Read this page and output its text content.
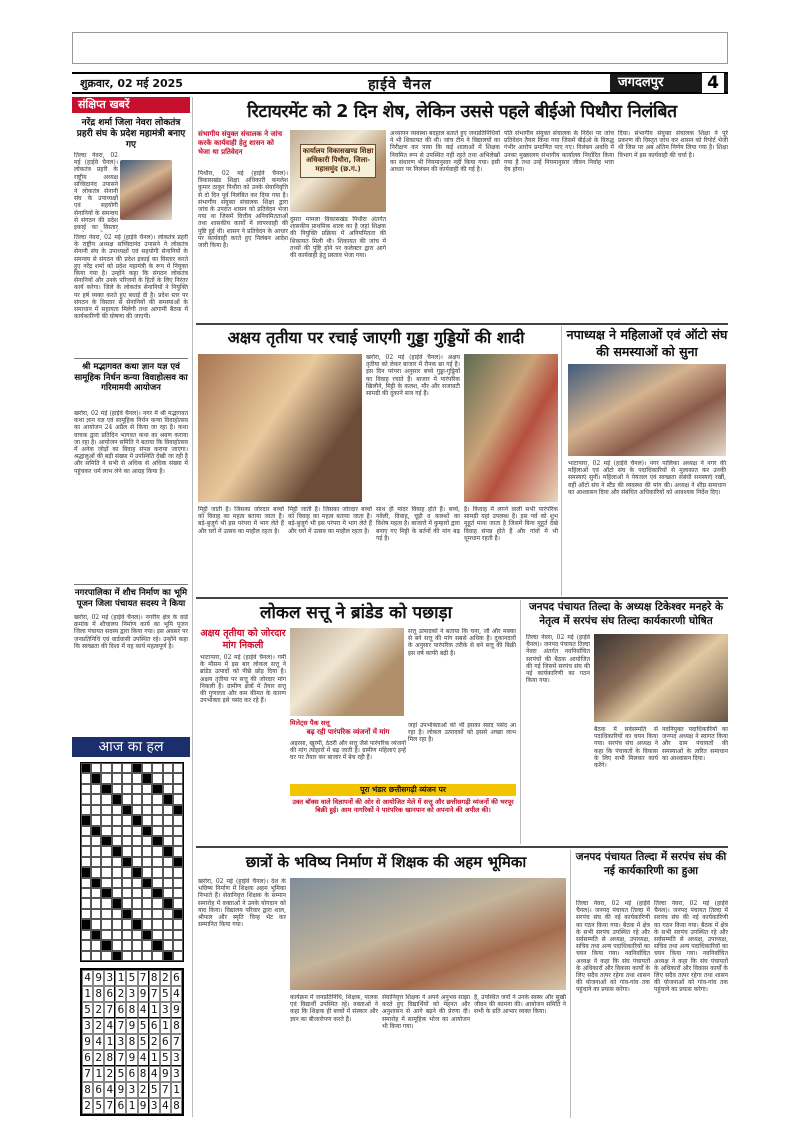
शुक्रवार, 02 मई 2025	हाईवे चैनल	जगदलपुर	4
संक्षिप्त खबरें
नरेंद्र शर्मा जिला नेवरा लोकतंत्र प्रहरी संघ के प्रदेश महामंत्री बनाए गए
तिल्दा नेवरा, 02 मई (हाईवे चैनल)। लोकतंत्र प्रहरी के राष्ट्रीय अध्यक्ष सच्चिदानंद उपासने ने लोकतंत्र सेनानी संघ के उपाध्यक्षों एवं सहयोगी सेनानियों के समन्वय से संगठन की प्रदेश इकाई का विस्तार
तिल्दा नेवरा, 02 मई (हाईवे चैनल)। लोकतंत्र प्रहरी के राष्ट्रीय अध्यक्ष सच्चिदानंद उपासने ने लोकतंत्र सेनानी संघ के उपाध्यक्षों एवं सहयोगी सेनानियों के समन्वय से संगठन की प्रदेश इकाई का विस्तार करते हुए नरेंद्र शर्मा को प्रदेश महामंत्री के रूप में नियुक्त किया गया है। उन्होंने कहा कि संगठन लोकतंत्र सेनानियों और उनके परिजनों के हितों के लिए निरंतर कार्य करेगा। जिले के लोकतंत्र सेनानियों ने नियुक्ति पर हर्ष व्यक्त करते हुए बधाई दी है। प्रदेश स्तर पर संगठन के विस्तार से सेनानियों की समस्याओं के समाधान में सहायता मिलेगी तथा आगामी बैठक में कार्यकारिणी की घोषणा की जाएगी।
श्री मद्भागवत कथा ज्ञान यज्ञ एवं सामूहिक निर्धन कन्या विवाहोत्सव का गरिमामयी आयोजन
खरोरा, 02 मई (हाईवे चैनल)। नगर में श्री मद्भागवत कथा ज्ञान यज्ञ एवं सामूहिक निर्धन कन्या विवाहोत्सव का आयोजन 24 अप्रैल से किया जा रहा है। कथा वाचक द्वारा प्रतिदिन भागवत कथा का श्रवण कराया जा रहा है। आयोजन समिति ने बताया कि विवाहोत्सव में अनेक जोड़ों का विवाह संपन्न कराया जाएगा। श्रद्धालुओं की बड़ी संख्या में उपस्थिति देखी जा रही है और समिति ने सभी से अधिक से अधिक संख्या में पहुंचकर धर्म लाभ लेने का आग्रह किया है।
नगरपालिका में शौच निर्माण का भूमि पूजन जिला पंचायत सदस्य ने किया
खरोरा, 02 मई (हाईवे चैनल)। नगरीय क्षेत्र के वार्ड क्रमांक में शौचालय निर्माण कार्य का भूमि पूजन जिला पंचायत सदस्य द्वारा किया गया। इस अवसर पर जनप्रतिनिधि एवं वार्डवासी उपस्थित रहे। उन्होंने कहा कि स्वच्छता की दिशा में यह कार्य महत्वपूर्ण है।
आज का हल
4 9 3 1 5 7 8 2 6
1 8 6 2 3 9 7 5 4
5 2 7 6 8 4 1 3 9
3 2 4 7 9 5 6 1 8
9 4 1 3 8 5 2 6 7
6 2 8 7 9 4 1 5 3
7 1 2 5 6 8 4 9 3
8 6 4 9 3 2 5 7 1
2 5 7 6 1 9 3 4 8
रिटायरमेंट को 2 दिन शेष, लेकिन उससे पहले बीईओ पिथौरा निलंबित
संभागीय संयुक्त संचालक ने जांच करके कार्यवाही हेतु शासन को भेजा था प्रतिवेदन	कार्यालय विकासखण्ड शिक्षा अधिकारी पिथौरा, जिला-महासमुंद (छ.ग.)
पिथौरा, 02 मई (हाईवे चैनल)। विकासखंड शिक्षा अधिकारी कमलेश कुमार ठाकुर पिथौरा को उनके सेवानिवृत्ति से दो दिन पूर्व निलंबित कर दिया गया है। संभागीय संयुक्त संचालक शिक्षा द्वारा जांच के उपरांत शासन को प्रतिवेदन भेजा गया था जिसमें वित्तीय अनियमितताओं तथा शासकीय कार्यों में लापरवाही की पुष्टि हुई थी। शासन ने प्रतिवेदन के आधार पर कार्यवाही करते हुए निलंबन आदेश जारी किया है।
दुसरा मामला विकासखंड पिथौरा अंतर्गत शासकीय प्राथमिक शाला का है जहां शिक्षक की नियुक्ति प्रक्रिया में अनियमितता की शिकायत मिली थी। शिकायत की जांच में तथ्यों की पुष्टि होने पर कलेक्टर द्वारा आगे की कार्यवाही हेतु प्रस्ताव भेजा गया।
अध्यापन व्यवस्था बदहाल बताते हुए जनप्रतिनिधियों ने भी शिकायत की थी। जांच टीम ने विद्यालयों का निरीक्षण कर पाया कि कई शालाओं में शिक्षक नियमित रूप से उपस्थित नहीं रहते तथा अभिलेखों का संधारण भी नियमानुसार नहीं किया गया। इसी आधार पर निलंबन की कार्यवाही की गई है।
पति संभागीय संयुक्त संचालक के निर्देश पर जांच प्रतिवेदन तैयार किया गया जिसमें बीईओ के विरुद्ध गंभीर आरोप प्रमाणित पाए गए। निलंबन अवधि में उनका मुख्यालय संभागीय कार्यालय निर्धारित किया गया है तथा उन्हें नियमानुसार जीवन निर्वाह भत्ता देय होगा।
दिया। संभागीय संयुक्त संचालक शिक्षा ने पूरे प्रकरण की विस्तृत जांच कर शासन को रिपोर्ट भेजी थी जिस पर अब अंतिम निर्णय लिया गया है। शिक्षा विभाग में इस कार्यवाही की चर्चा है।
अक्षय तृतीया पर रचाई जाएगी गुड्डा गुड्डियों की शादी
खरोरा, 02 मई (हाईवे चैनल)। अक्षय तृतीया को लेकर बाजार में रौनक छा गई है। इस दिन परंपरा अनुसार बच्चे गुड्डा-गुड्डियों का विवाह रचाते हैं। बाजार में पारंपरिक खिलौने, मिट्टी के कलश, मौर और सजावटी सामग्री की दुकानें सज गई हैं।
मिट्टी जाती है। जिसका जोरदार बच्चों को विवाह का महत्व बताया जाता है। बड़े-बुजुर्ग भी इस परंपरा में भाग लेते हैं और घरों में उत्सव का माहौल रहता है।
मिट्टी जाती है। जिसका जोरदार बच्चों को विवाह का महत्व बताया जाता है। बड़े-बुजुर्ग भी इस परंपरा में भाग लेते हैं और घरों में उत्सव का माहौल रहता है।
साथ ही मांदर विवाह होते हैं। बच्चे, नवेली, विवाह, चूड़ी व कलशों का विशेष महत्व है। बाजारों में कुम्हारों द्वारा बनाए गए मिट्टी के बर्तनों की मांग बढ़ गई है।
है। किवाह में लगने वाली सभी पारंपरिक सामग्री यहां उपलब्ध है। इस पर्व को शुभ मुहूर्त माना जाता है जिसमें बिना मुहूर्त देखे विवाह संपन्न होते हैं और गांवों में भी धूमधाम रहती है।
नपाध्यक्ष ने महिलाओं एवं ऑटो संघ की समस्याओं को सुना
भाटापारा, 02 मई (हाईवे चैनल)। नगर पालिका अध्यक्ष ने नगर की महिलाओं एवं ऑटो संघ के पदाधिकारियों से मुलाकात कर उनकी समस्याएं सुनीं। महिलाओं ने पेयजल एवं स्वच्छता संबंधी समस्याएं रखीं, वहीं ऑटो संघ ने स्टैंड की व्यवस्था की मांग की। अध्यक्ष ने शीघ्र समाधान का आश्वासन दिया और संबंधित अधिकारियों को आवश्यक निर्देश दिए।
लोकल सत्तू ने ब्रांडेड को पछाड़ा
अक्षय तृतीया को जोरदार मांग निकली
मिलेट्स पैक सत्तू
भाटापारा, 02 मई (हाईवे चैनल)। गर्मी के मौसम में इस बार लोकल सत्तू ने ब्रांडेड उत्पादों को पीछे छोड़ दिया है। अक्षय तृतीया पर सत्तू की जोरदार मांग निकली है। ग्रामीण क्षेत्रों में तैयार सत्तू की गुणवत्ता और कम कीमत के कारण उपभोक्ता इसे पसंद कर रहे हैं।
सत्तू उत्पादकों ने बताया कि चना, जौ और मक्का से बने सत्तू की मांग सबसे अधिक है। दुकानदारों के अनुसार पारंपरिक तरीके से बने सत्तू की बिक्री इस वर्ष काफी बढ़ी है।
बढ़ रही पारंपरिक व्यंजनों में मांग
अइरसा, खुरमी, ठेठरी और सत्तू जैसे पारंपरिक व्यंजनों की मांग त्योहारों में बढ़ जाती है। ग्रामीण महिलाएं इन्हें घर पर तैयार कर बाजार में बेच रही हैं।
जहां उपभोक्ताओं को भी इसका स्वाद पसंद आ रहा है। लोकल उत्पादकों को इससे अच्छा लाभ मिल रहा है।
पूरा भंडार छत्तीसगढ़ी व्यंजन पर
उक्त बॉक्स वाले विज्ञापनों की ओर से आयोजित मेले में सत्तू और छत्तीसगढ़ी व्यंजनों की भरपूर बिक्री हुई। आम नागरिकों ने पारंपरिक खानपान को अपनाने की अपील की।
जनपद पंचायत तिल्दा के अध्यक्ष टिकेश्वर मनहरे के नेतृत्व में सरपंच संघ तिल्दा कार्यकारणी घोषित
तिल्दा नेवरा, 02 मई (हाईवे चैनल)। जनपद पंचायत तिल्दा नेवरा अंतर्गत नवनिर्वाचित सरपंचों की बैठक आयोजित की गई जिसमें सरपंच संघ की नई कार्यकारिणी का गठन किया गया।
बैठक में सर्वसम्मति से पदाधिकारियों का चयन किया गया। सरपंच संघ अध्यक्ष ने कहा कि पंचायतों के विकास के लिए सभी मिलकर कार्य करेंगे।
नवनियुक्त पदाधिकारियों का जनपद अध्यक्ष ने स्वागत किया और ग्राम पंचायतों की समस्याओं के त्वरित समाधान का आश्वासन दिया।
छात्रों के भविष्य निर्माण में शिक्षक की अहम भूमिका
खरोरा, 02 मई (हाईवे चैनल)। देश के भविष्य निर्माण में शिक्षक अहम भूमिका निभाते हैं। सेवानिवृत्त शिक्षक के सम्मान समारोह में वक्ताओं ने उनके योगदान को याद किया। विद्यालय परिवार द्वारा शाल, श्रीफल और स्मृति चिन्ह भेंट कर सम्मानित किया गया।
कार्यक्रम में जनप्रतिनिधि, शिक्षक, पालक एवं विद्यार्थी उपस्थित रहे। वक्ताओं ने कहा कि शिक्षक ही बच्चों में संस्कार और ज्ञान का बीजारोपण करते हैं।
सेवानिवृत्त शिक्षक ने अपने अनुभव साझा करते हुए विद्यार्थियों को मेहनत और अनुशासन से आगे बढ़ने की प्रेरणा दी। समारोह में सामूहिक भोज का आयोजन भी किया गया।
है, उपस्थित जनों ने उनके स्वस्थ और सुखी जीवन की कामना की। आयोजन समिति ने सभी के प्रति आभार व्यक्त किया।
जनपद पंचायत तिल्दा में सरपंच संघ की नई कार्यकारिणी का हुआ
तिल्दा नेवरा, 02 मई (हाईवे चैनल)। जनपद पंचायत तिल्दा में सरपंच संघ की नई कार्यकारिणी का गठन किया गया। बैठक में क्षेत्र के सभी सरपंच उपस्थित रहे और सर्वसम्मति से अध्यक्ष, उपाध्यक्ष, सचिव तथा अन्य पदाधिकारियों का चयन किया गया। नवनिर्वाचित अध्यक्ष ने कहा कि संघ पंचायतों के अधिकारों और विकास कार्यों के लिए सदैव तत्पर रहेगा तथा शासन की योजनाओं को गांव-गांव तक पहुंचाने का प्रयास करेगा।
तिल्दा नेवरा, 02 मई (हाईवे चैनल)। जनपद पंचायत तिल्दा में सरपंच संघ की नई कार्यकारिणी का गठन किया गया। बैठक में क्षेत्र के सभी सरपंच उपस्थित रहे और सर्वसम्मति से अध्यक्ष, उपाध्यक्ष, सचिव तथा अन्य पदाधिकारियों का चयन किया गया। नवनिर्वाचित अध्यक्ष ने कहा कि संघ पंचायतों के अधिकारों और विकास कार्यों के लिए सदैव तत्पर रहेगा तथा शासन की योजनाओं को गांव-गांव तक पहुंचाने का प्रयास करेगा।
